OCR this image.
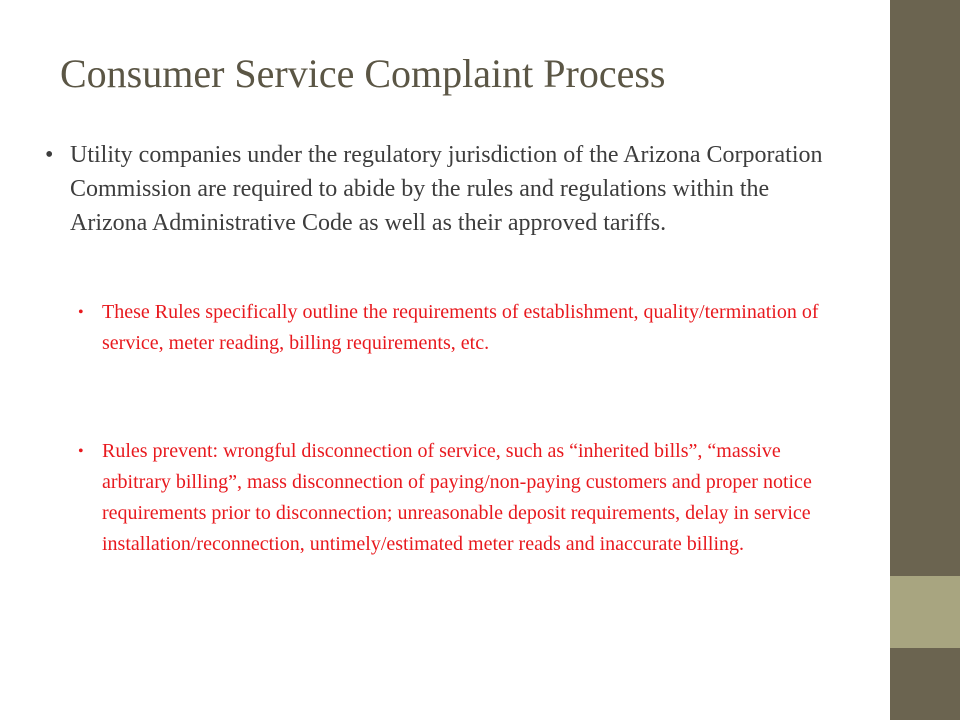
Consumer Service Complaint Process
• Utility companies under the regulatory jurisdiction of the Arizona Corporation Commission are required to abide by the rules and regulations within the Arizona Administrative Code as well as their approved tariffs.
• These Rules specifically outline the requirements of establishment, quality/termination of service, meter reading, billing requirements, etc.
• Rules prevent: wrongful disconnection of service, such as “inherited bills”, “massive arbitrary billing”, mass disconnection of paying/non-paying customers and proper notice requirements prior to disconnection; unreasonable deposit requirements, delay in service installation/reconnection, untimely/estimated meter reads and inaccurate billing.
